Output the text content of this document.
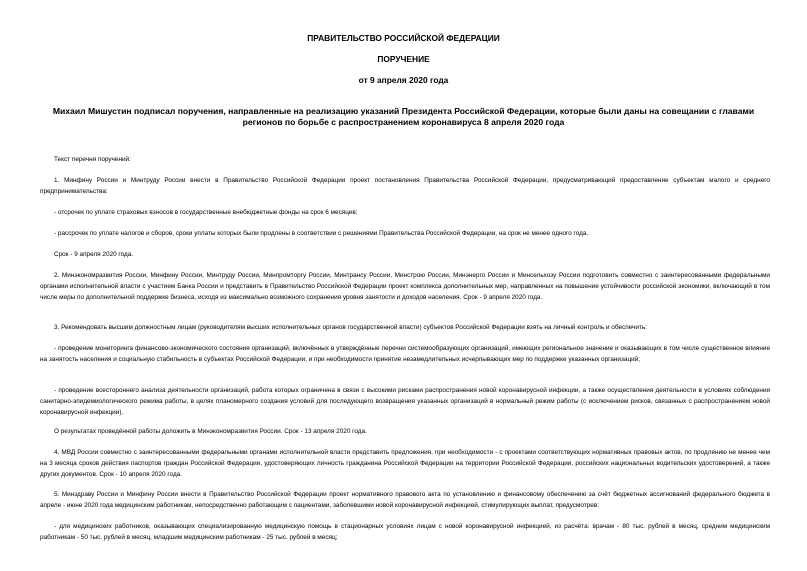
ПРАВИТЕЛЬСТВО РОССИЙСКОЙ ФЕДЕРАЦИИ
ПОРУЧЕНИЕ
от 9 апреля 2020 года
Михаил Мишустин подписал поручения, направленные на реализацию указаний Президента Российской Федерации, которые были даны на совещании с главами регионов по борьбе с распространением коронавируса 8 апреля 2020 года

Текст перечня поручений:

1. Минфину России и Минтруду России внести в Правительство Российской Федерации проект постановления Правительства Российской Федерации, предусматривающий предоставление субъектам малого и среднего предпринимательства:

- отсрочек по уплате страховых взносов в государственные внебюджетные фонды на срок 6 месяцев;

- рассрочек по уплате налогов и сборов, сроки уплаты которых были продлены в соответствии с решениями Правительства Российской Федерации, на срок не менее одного года.

Срок - 9 апреля 2020 года.

2. Минэкономразвития России, Минфину России, Минтруду России, Минпромторгу России, Минтрансу России, Минстрою России, Минэнерго России и Минсельхозу России подготовить совместно с заинтересованными федеральными органами исполнительной власти с участием Банка России и представить в Правительство Российской Федерации проект комплекса дополнительных мер, направленных на повышение устойчивости российской экономики, включающий в том числе меры по дополнительной поддержке бизнеса, исходя из максимально возможного сохранения уровня занятости и доходов населения. Срок - 9 апреля 2020 года.

3. Рекомендовать высшим должностным лицам (руководителям высших исполнительных органов государственной власти) субъектов Российской Федерации взять на личный контроль и обеспечить:

- проведение мониторинга финансово-экономического состояния организаций, включённых в утверждённые перечни системообразующих организаций, имеющих региональное значение и оказывающих в том числе существенное влияние на занятость населения и социальную стабильность в субъектах Российской Федерации, и при необходимости принятие незамедлительных исчерпывающих мер по поддержке указанных организаций;

- проведение всестороннего анализа деятельности организаций, работа которых ограничена в связи с высокими рисками распространения новой коронавирусной инфекции, а также осуществления деятельности в условиях соблюдения санитарно-эпидемиологического режима работы, в целях планомерного создания условий для последующего возвращения указанных организаций в нормальный режим работы (с исключением рисков, связанных с распространением новой коронавирусной инфекции).

О результатах проведённой работы доложить в Минэкономразвития России. Срок - 13 апреля 2020 года.

4. МВД России совместно с заинтересованными федеральными органами исполнительной власти представить предложения, при необходимости - с проектами соответствующих нормативных правовых актов, по продлению не менее чем на 3 месяца сроков действия паспортов граждан Российской Федерации, удостоверяющих личность гражданина Российской Федерации на территории Российской Федерации, российских национальных водительских удостоверений, а также других документов. Срок - 10 апреля 2020 года.

5. Минздраву России и Минфину России внести в Правительство Российской Федерации проект нормативного правового акта по установлению и финансовому обеспечению за счёт бюджетных ассигнований федерального бюджета в апреле - июне 2020 года медицинским работникам, непосредственно работающим с пациентами, заболевшими новой коронавирусной инфекцией, стимулирующих выплат, предусмотрев:

- для медицинских работников, оказывающих специализированную медицинскую помощь в стационарных условиях лицам с новой коронавирусной инфекцией, из расчёта: врачам - 80 тыс. рублей в месяц, средним медицинским работникам - 50 тыс. рублей в месяц, младшим медицинским работникам - 25 тыс. рублей в месяц;
